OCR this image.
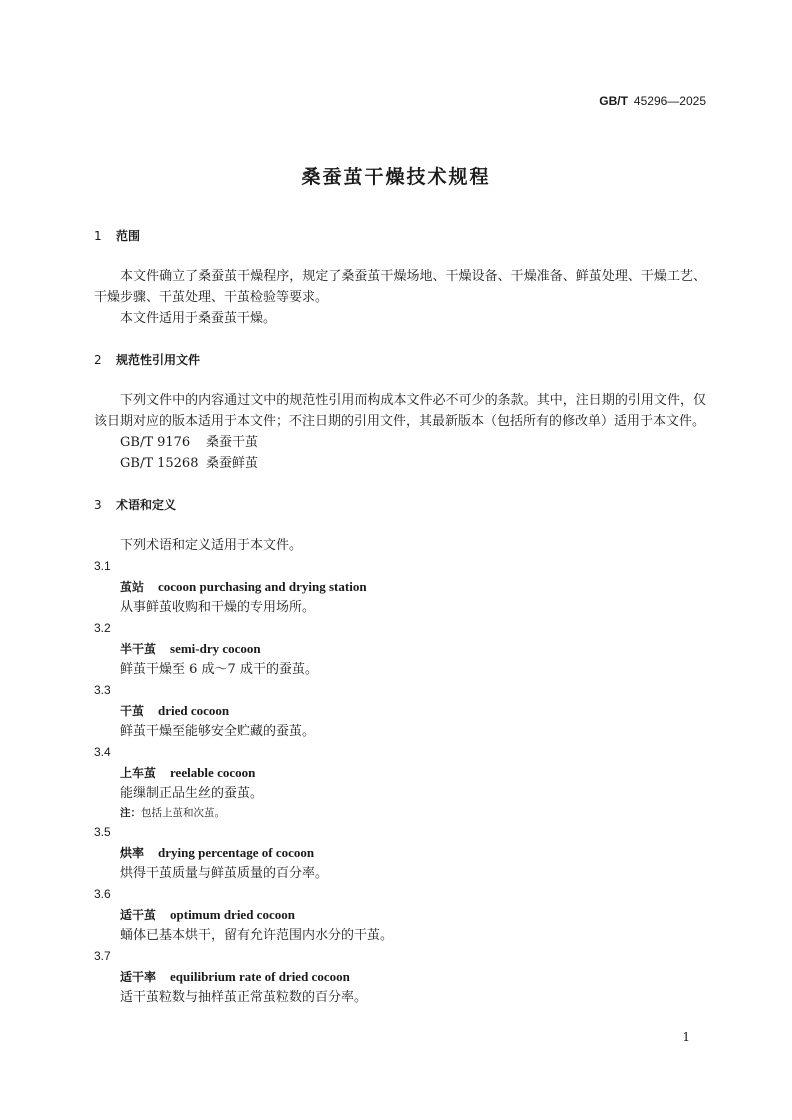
GB/T 45296—2025
桑蚕茧干燥技术规程
1 范围

本文件确立了桑蚕茧干燥程序，规定了桑蚕茧干燥场地、干燥设备、干燥准备、鲜茧处理、干燥工艺、干燥步骤、干茧处理、干茧检验等要求。

本文件适用于桑蚕茧干燥。

2 规范性引用文件

下列文件中的内容通过文中的规范性引用而构成本文件必不可少的条款。其中，注日期的引用文件，仅该日期对应的版本适用于本文件；不注日期的引用文件，其最新版本（包括所有的修改单）适用于本文件。

GB/T 9176 桑蚕干茧

GB/T 15268 桑蚕鲜茧

3 术语和定义

下列术语和定义适用于本文件。

3.1
茧站 cocoon purchasing and drying station
从事鲜茧收购和干燥的专用场所。
3.2
半干茧 semi-dry cocoon
鲜茧干燥至 6 成～7 成干的蚕茧。
3.3
干茧 dried cocoon
鲜茧干燥至能够安全贮藏的蚕茧。
3.4
上车茧 reelable cocoon
能缫制正品生丝的蚕茧。
注：包括上茧和次茧。
3.5
烘率 drying percentage of cocoon
烘得干茧质量与鲜茧质量的百分率。
3.6
适干茧 optimum dried cocoon
蛹体已基本烘干，留有允许范围内水分的干茧。
3.7
适干率 equilibrium rate of dried cocoon
适干茧粒数与抽样茧正常茧粒数的百分率。
1
